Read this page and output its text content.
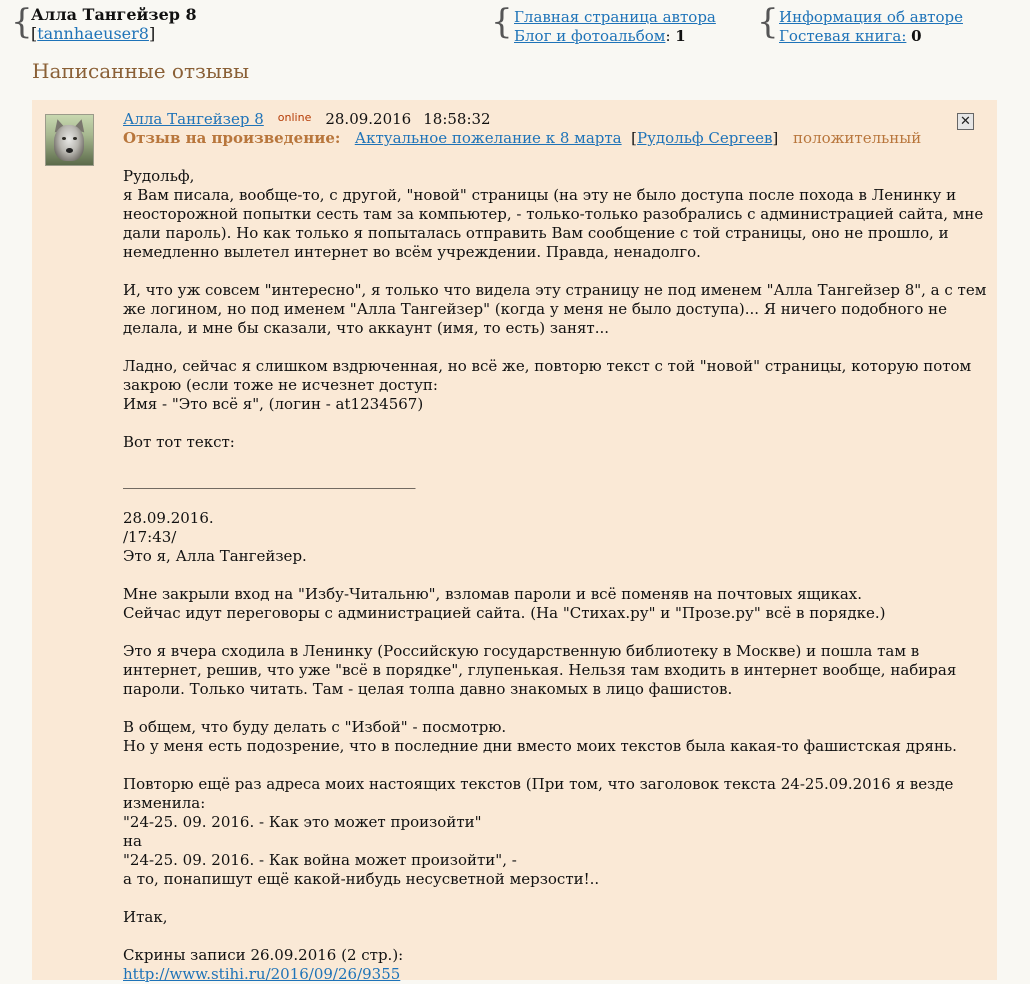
{
Алла Тангейзер 8
[tannhaeuser8]	{ Главная страница автора
Блог и фотоальбом: 1 { Информация об авторе
Гостевая книга: 0
Написанные отзывы
Алла Тангейзер 8 $^{online}$ 28.09.2016 18:58:32
Отзыв на произведение: Актуальное пожелание к 8 марта  [Рудольф Сергеев] положительный
✕

Рудольф,
я Вам писала, вообще-то, с другой, "новой" страницы (на эту не было доступа после похода в Ленинку и неосторожной попытки сесть там за компьютер, - только-только разобрались с администрацией сайта, мне дали пароль). Но как только я попыталась отправить Вам сообщение с той страницы, оно не прошло, и немедленно вылетел интернет во всём учреждении. Правда, ненадолго.

И, что уж совсем "интересно", я только что видела эту страницу не под именем "Алла Тангейзер 8", а с тем же логином, но под именем "Алла Тангейзер" (когда у меня не было доступа)... Я ничего подобного не делала, и мне бы сказали, что аккаунт (имя, то есть) занят...

Ладно, сейчас я слишком вздрюченная, но всё же, повторю текст с той "новой" страницы, которую потом закрою (если тоже не исчезнет доступ:
Имя - "Это всё я", (логин - at1234567)

Вот тот текст:

_______________________________________

28.09.2016.
/17:43/
Это я, Алла Тангейзер.

Мне закрыли вход на "Избу-Читальню", взломав пароли и всё поменяв на почтовых ящиках.
Сейчас идут переговоры с администрацией сайта. (На "Стихах.ру" и "Прозе.ру" всё в порядке.)

Это я вчера сходила в Ленинку (Российскую государственную библиотеку в Москве) и пошла там в интернет, решив, что уже "всё в порядке", глупенькая. Нельзя там входить в интернет вообще, набирая пароли. Только читать. Там - целая толпа давно знакомых в лицо фашистов.

В общем, что буду делать с "Избой" - посмотрю.
Но у меня есть подозрение, что в последние дни вместо моих текстов была какая-то фашистская дрянь.

Повторю ещё раз адреса моих настоящих текстов (При том, что заголовок текста 24-25.09.2016 я везде изменила:
"24-25. 09. 2016. - Как это может произойти"
на
"24-25. 09. 2016. - Как война может произойти", -
а то, понапишут ещё какой-нибудь несусветной мерзости!..

Итак,

Скрины записи 26.09.2016 (2 стр.):

http://www.stihi.ru/2016/09/26/9355
